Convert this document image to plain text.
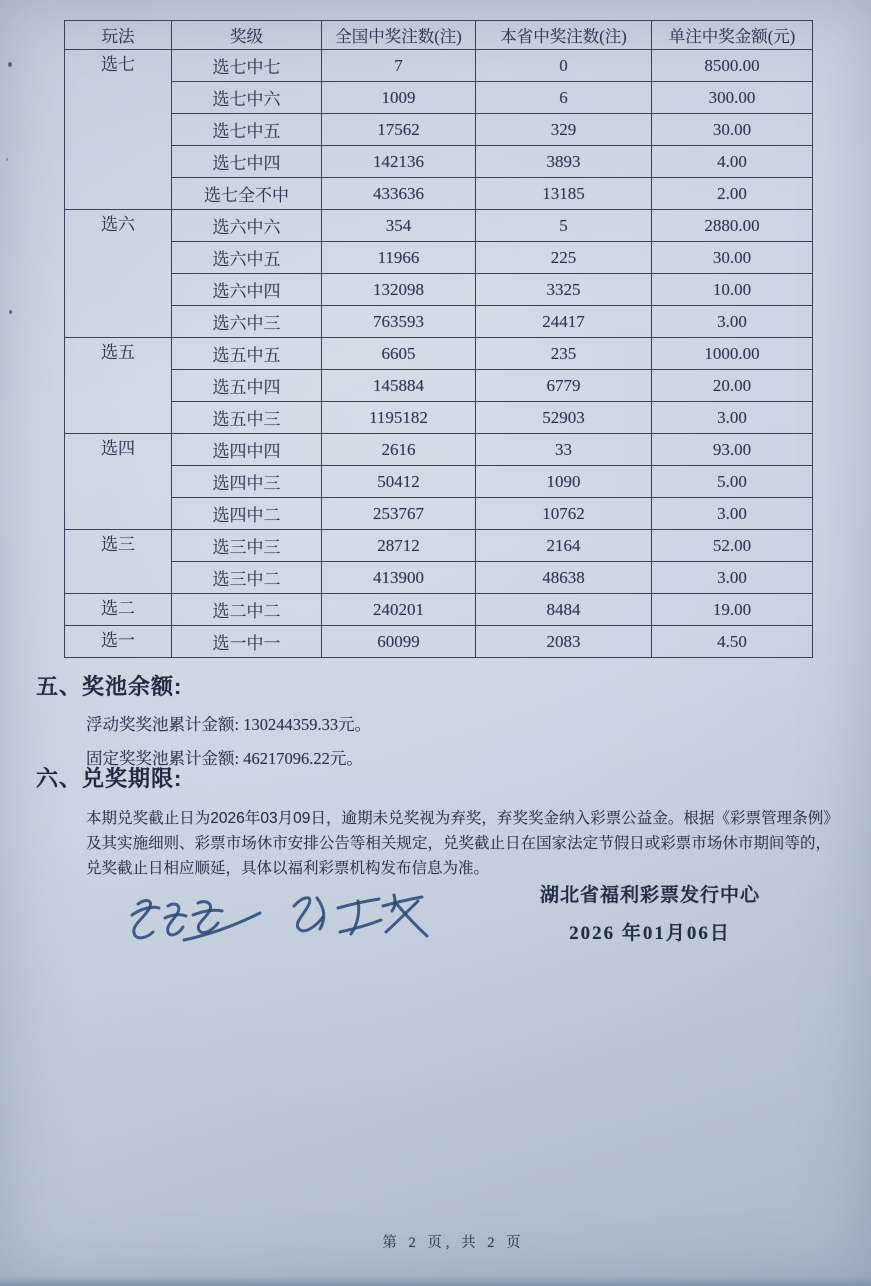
玩法	奖级	全国中奖注数(注)	本省中奖注数(注)	单注中奖金额(元)
选七	选七中七	7	0	8500.00
	选七中六	1009	6	300.00
	选七中五	17562	329	30.00
	选七中四	142136	3893	4.00
	选七全不中	433636	13185	2.00
选六	选六中六	354	5	2880.00
	选六中五	11966	225	30.00
	选六中四	132098	3325	10.00
	选六中三	763593	24417	3.00
选五	选五中五	6605	235	1000.00
	选五中四	145884	6779	20.00
	选五中三	1195182	52903	3.00
选四	选四中四	2616	33	93.00
	选四中三	50412	1090	5.00
	选四中二	253767	10762	3.00
选三	选三中三	28712	2164	52.00
	选三中二	413900	48638	3.00
选二	选二中二	240201	8484	19.00
选一	选一中一	60099	2083	4.50
五、奖池余额:
浮动奖奖池累计金额: 130244359.33元。
固定奖奖池累计金额: 46217096.22元。
六、兑奖期限:

本期兑奖截止日为2026年03月09日，逾期未兑奖视为弃奖，弃奖奖金纳入彩票公益金。根据《彩票管理条例》及其实施细则、彩票市场休市安排公告等相关规定，兑奖截止日在国家法定节假日或彩票市场休市期间等的，兑奖截止日相应顺延，具体以福利彩票机构发布信息为准。

湖北省福利彩票发行中心
2026 年01月06日
第 2 页, 共 2 页
